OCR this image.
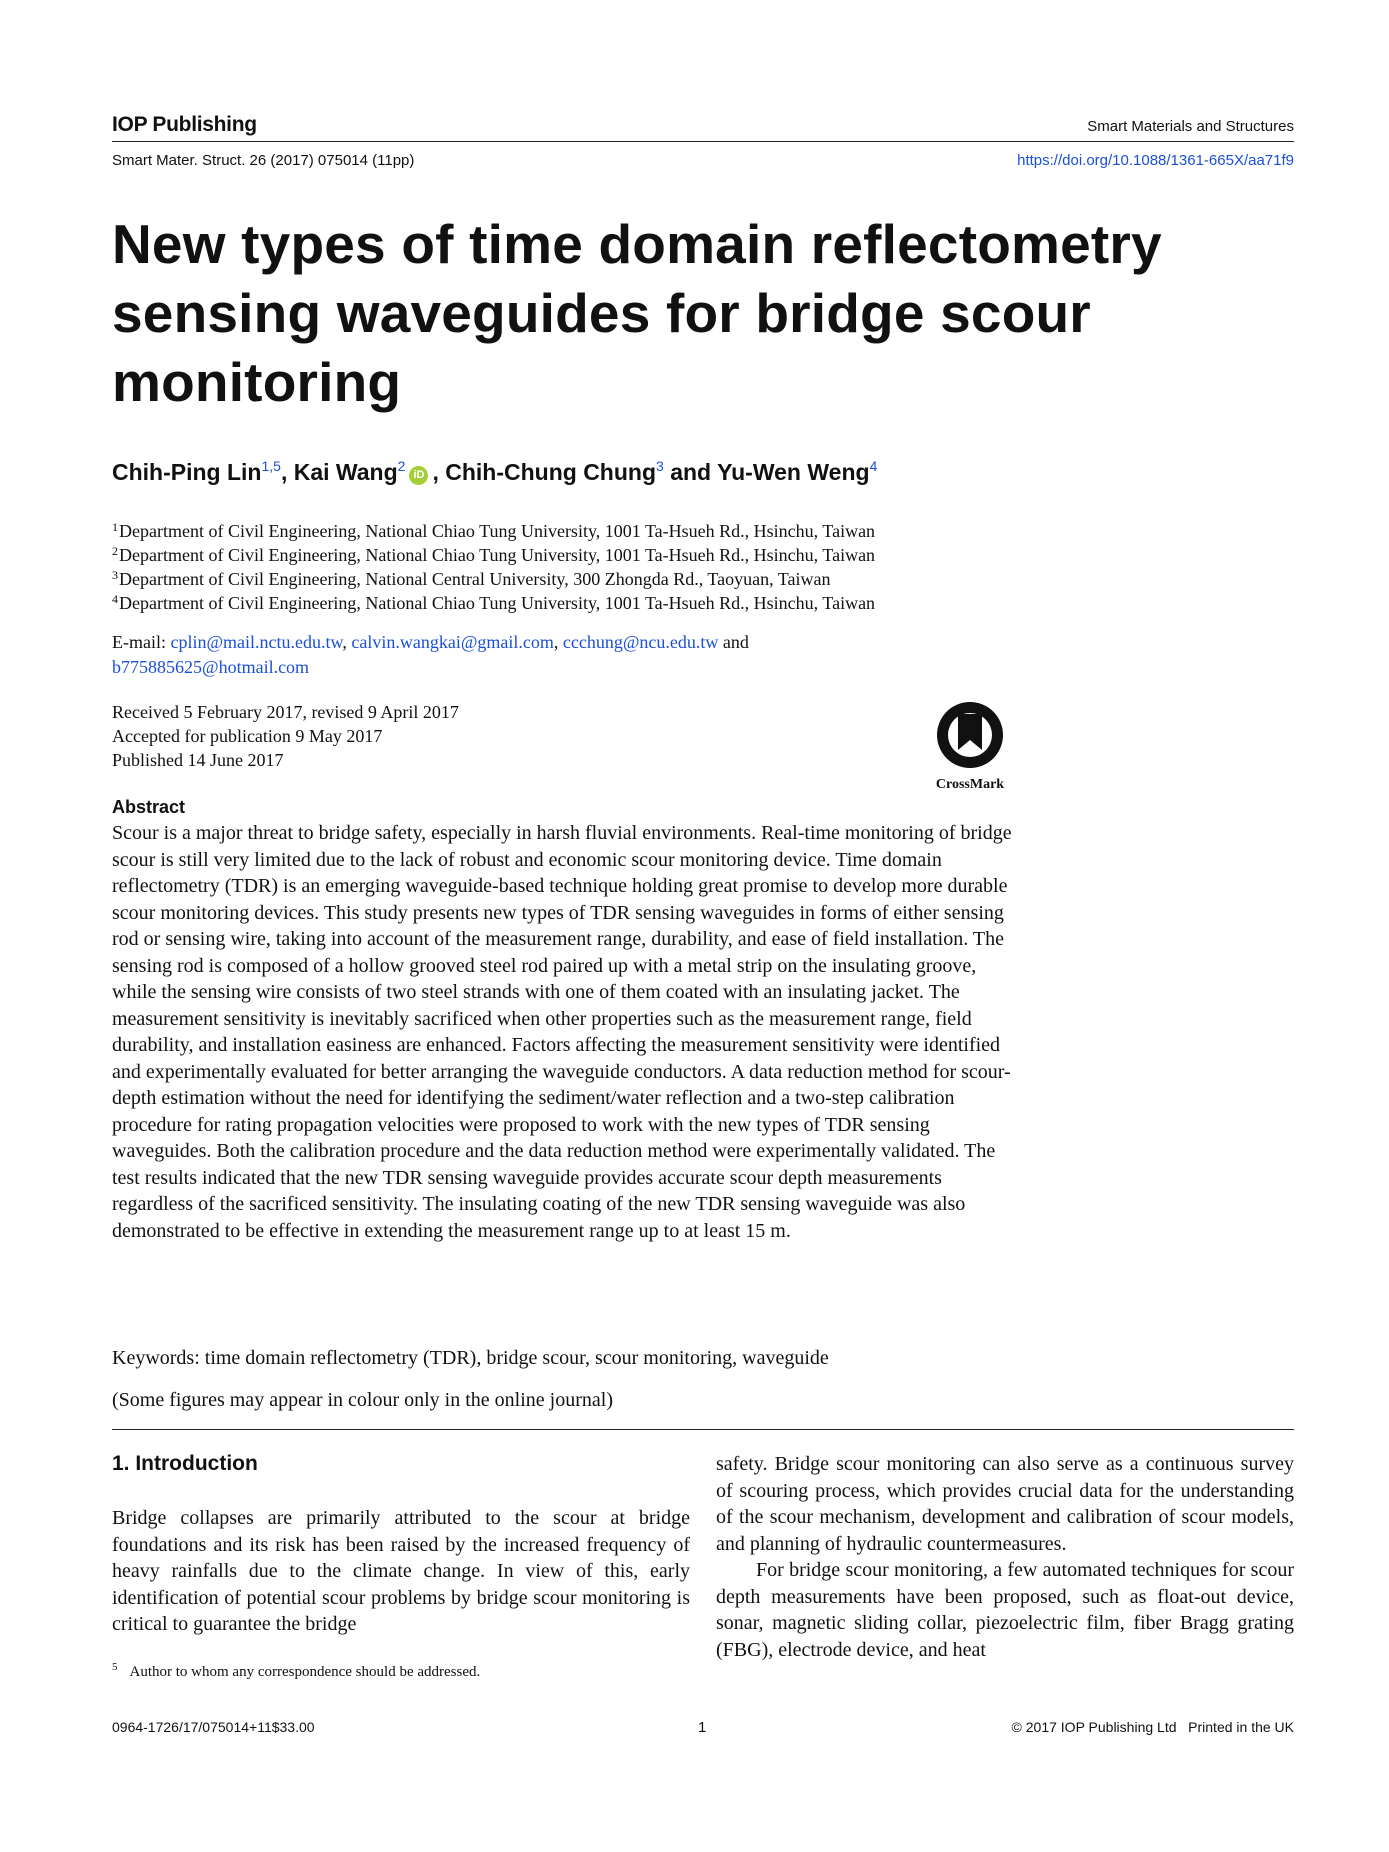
IOP Publishing	Smart Materials and Structures
Smart Mater. Struct. 26 (2017) 075014 (11pp)	https://doi.org/10.1088/1361-665X/aa71f9
New types of time domain reflectometry sensing waveguides for bridge scour monitoring
Chih-Ping Lin$^{1,5}$, Kai Wang$^2$iD , Chih-Chung Chung$^3$ and Yu-Wen Weng$^4$
$^1$Department of Civil Engineering, National Chiao Tung University, 1001 Ta-Hsueh Rd., Hsinchu, Taiwan
$^2$Department of Civil Engineering, National Chiao Tung University, 1001 Ta-Hsueh Rd., Hsinchu, Taiwan
$^3$Department of Civil Engineering, National Central University, 300 Zhongda Rd., Taoyuan, Taiwan
$^4$Department of Civil Engineering, National Chiao Tung University, 1001 Ta-Hsueh Rd., Hsinchu, Taiwan
E-mail: cplin@mail.nctu.edu.tw, calvin.wangkai@gmail.com, ccchung@ncu.edu.tw and
b775885625@hotmail.com
Received 5 February 2017, revised 9 April 2017
Accepted for publication 9 May 2017
Published 14 June 2017
CrossMark
Abstract
Scour is a major threat to bridge safety, especially in harsh fluvial environments. Real-time monitoring of bridge scour is still very limited due to the lack of robust and economic scour monitoring device. Time domain reflectometry (TDR) is an emerging waveguide-based technique holding great promise to develop more durable scour monitoring devices. This study presents new types of TDR sensing waveguides in forms of either sensing rod or sensing wire, taking into account of the measurement range, durability, and ease of field installation. The sensing rod is composed of a hollow grooved steel rod paired up with a metal strip on the insulating groove, while the sensing wire consists of two steel strands with one of them coated with an insulating jacket. The measurement sensitivity is inevitably sacrificed when other properties such as the measurement range, field durability, and installation easiness are enhanced. Factors affecting the measurement sensitivity were identified and experimentally evaluated for better arranging the waveguide conductors. A data reduction method for scour-depth estimation without the need for identifying the sediment/water reflection and a two-step calibration procedure for rating propagation velocities were proposed to work with the new types of TDR sensing waveguides. Both the calibration procedure and the data reduction method were experimentally validated. The test results indicated that the new TDR sensing waveguide provides accurate scour depth measurements regardless of the sacrificed sensitivity. The insulating coating of the new TDR sensing waveguide was also demonstrated to be effective in extending the measurement range up to at least 15 m.
Keywords: time domain reflectometry (TDR), bridge scour, scour monitoring, waveguide
(Some figures may appear in colour only in the online journal)
1. Introduction
Bridge collapses are primarily attributed to the scour at bridge foundations and its risk has been raised by the increased frequency of heavy rainfalls due to the climate change. In view of this, early identification of potential scour problems by bridge scour monitoring is critical to guarantee the bridge

safety. Bridge scour monitoring can also serve as a continuous survey of scouring process, which provides crucial data for the understanding of the scour mechanism, development and calibration of scour models, and planning of hydraulic countermeasures.

For bridge scour monitoring, a few automated techniques for scour depth measurements have been proposed, such as float-out device, sonar, magnetic sliding collar, piezoelectric film, fiber Bragg grating (FBG), electrode device, and heat

$^5$ Author to whom any correspondence should be addressed.
0964-1726/17/075014+11$33.00	1	© 2017 IOP Publishing Ltd   Printed in the UK
